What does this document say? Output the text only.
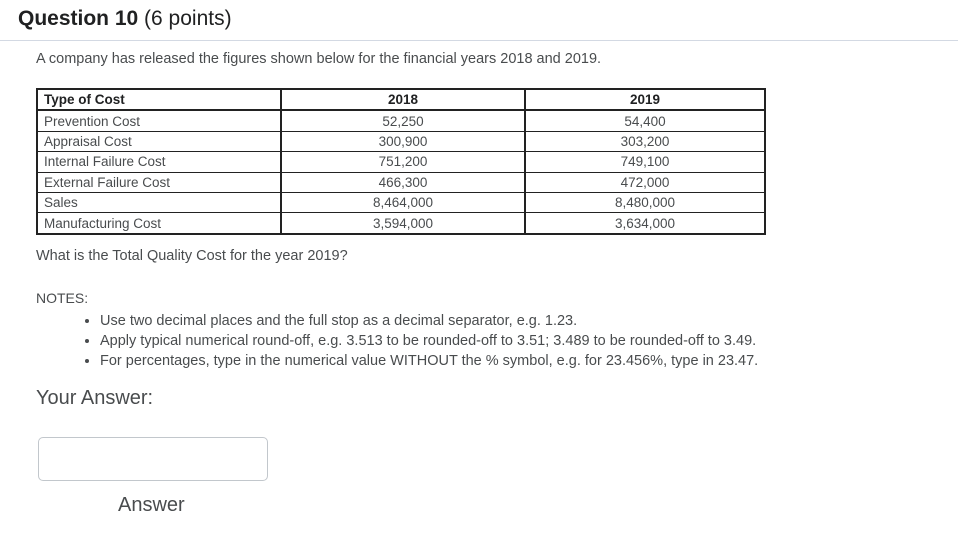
Question 10 (6 points)
A company has released the figures shown below for the financial years 2018 and 2019.
Type of Cost	2018	2019
Prevention Cost	52,250	54,400
Appraisal Cost	300,900	303,200
Internal Failure Cost	751,200	749,100
External Failure Cost	466,300	472,000
Sales	8,464,000	8,480,000
Manufacturing Cost	3,594,000	3,634,000
What is the Total Quality Cost for the year 2019?
NOTES:
• Use two decimal places and the full stop as a decimal separator, e.g. 1.23.
• Apply typical numerical round-off, e.g. 3.513 to be rounded-off to 3.51; 3.489 to be rounded-off to 3.49.
• For percentages, type in the numerical value WITHOUT the % symbol, e.g. for 23.456%, type in 23.47.
Your Answer:
Answer
